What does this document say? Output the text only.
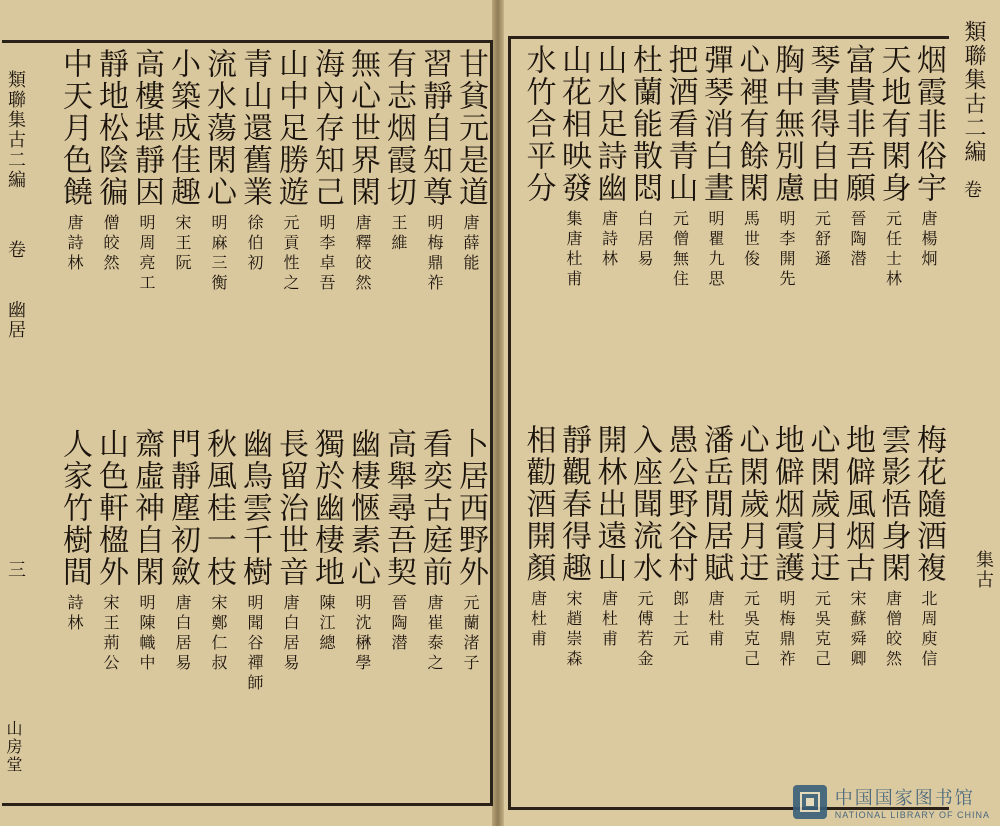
類聯集古二編
卷
集古
類聯集古二編
卷
幽居
三
山房堂
烟霞非俗宇
唐楊炯
天地有閑身
元任士林
富貴非吾願
晉陶潜
琴書得自由
元舒遜
胸中無別慮
明李開先
心裡有餘閑
馬世俊
彈琴消白晝
明瞿九思
把酒看青山
元僧無住
杜蘭能散悶
白居易
山水足詩幽
唐詩林
山花相映發
集唐杜甫
水竹合平分
梅花隨酒複
北周庾信
雲影悟身閑
唐僧皎然
地僻風烟古
宋蘇舜卿
心閑歲月迂
元吳克己
地僻烟霞護
明梅鼎祚
心閑歲月迂
元吳克己
潘岳閒居賦
唐杜甫
愚公野谷村
郎士元
入座聞流水
元傅若金
開林出遠山
唐杜甫
靜觀春得趣
宋趙崇森
相勸酒開顏
唐杜甫
甘貧元是道
唐薛能
習靜自知尊
明梅鼎祚
有志烟霞切
王維
無心世界閑
唐釋皎然
海內存知己
明李卓吾
山中足勝遊
元貢性之
青山還舊業
徐伯初
流水蕩閑心
明麻三衡
小築成佳趣
宋王阮
高樓堪靜因
明周亮工
靜地松陰徧
僧皎然
中天月色饒
唐詩林
卜居西野外
元蘭渚子
看奕古庭前
唐崔泰之
高舉尋吾契
晉陶潜
幽棲愜素心
明沈楙學
獨於幽棲地
陳江總
長留治世音
唐白居易
幽鳥雲千樹
明聞谷禪師
秋風桂一枝
宋鄭仁叔
門靜塵初斂
唐白居易
齋虛神自閑
明陳幟中
山色軒楹外
宋王荊公
人家竹樹間
詩林
中国国家图书馆
NATIONAL LIBRARY OF CHINA
